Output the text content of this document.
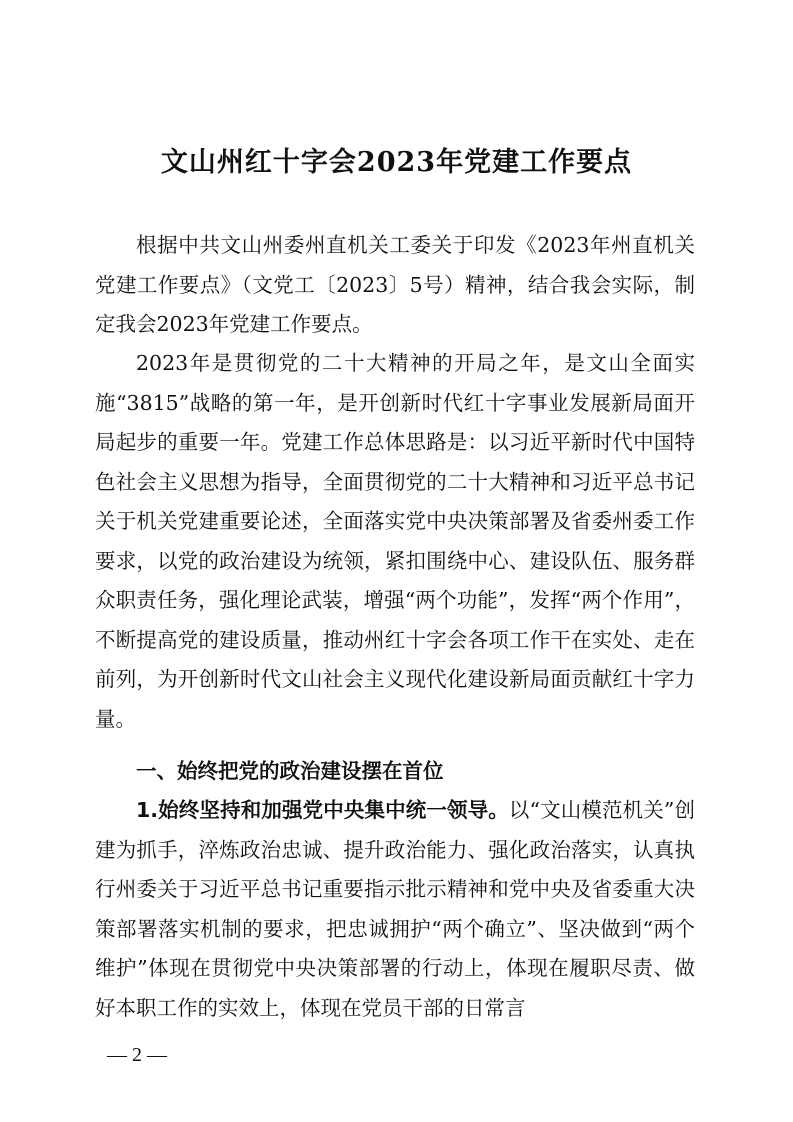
文山州红十字会2023年党建工作要点

根据中共文山州委州直机关工委关于印发《2023年州直机关党建工作要点》（文党工〔2023〕5号）精神，结合我会实际，制定我会2023年党建工作要点。

2023年是贯彻党的二十大精神的开局之年，是文山全面实施“3815”战略的第一年，是开创新时代红十字事业发展新局面开局起步的重要一年。党建工作总体思路是：以习近平新时代中国特色社会主义思想为指导，全面贯彻党的二十大精神和习近平总书记关于机关党建重要论述，全面落实党中央决策部署及省委州委工作要求，以党的政治建设为统领，紧扣围绕中心、建设队伍、服务群众职责任务，强化理论武装，增强“两个功能”，发挥“两个作用”，不断提高党的建设质量，推动州红十字会各项工作干在实处、走在前列，为开创新时代文山社会主义现代化建设新局面贡献红十字力量。

一、始终把党的政治建设摆在首位

1.始终坚持和加强党中央集中统一领导。以“文山模范机关”创建为抓手，淬炼政治忠诚、提升政治能力、强化政治落实，认真执行州委关于习近平总书记重要指示批示精神和党中央及省委重大决策部署落实机制的要求，把忠诚拥护“两个确立”、坚决做到“两个维护”体现在贯彻党中央决策部署的行动上，体现在履职尽责、做好本职工作的实效上，体现在党员干部的日常言

— 2 —
